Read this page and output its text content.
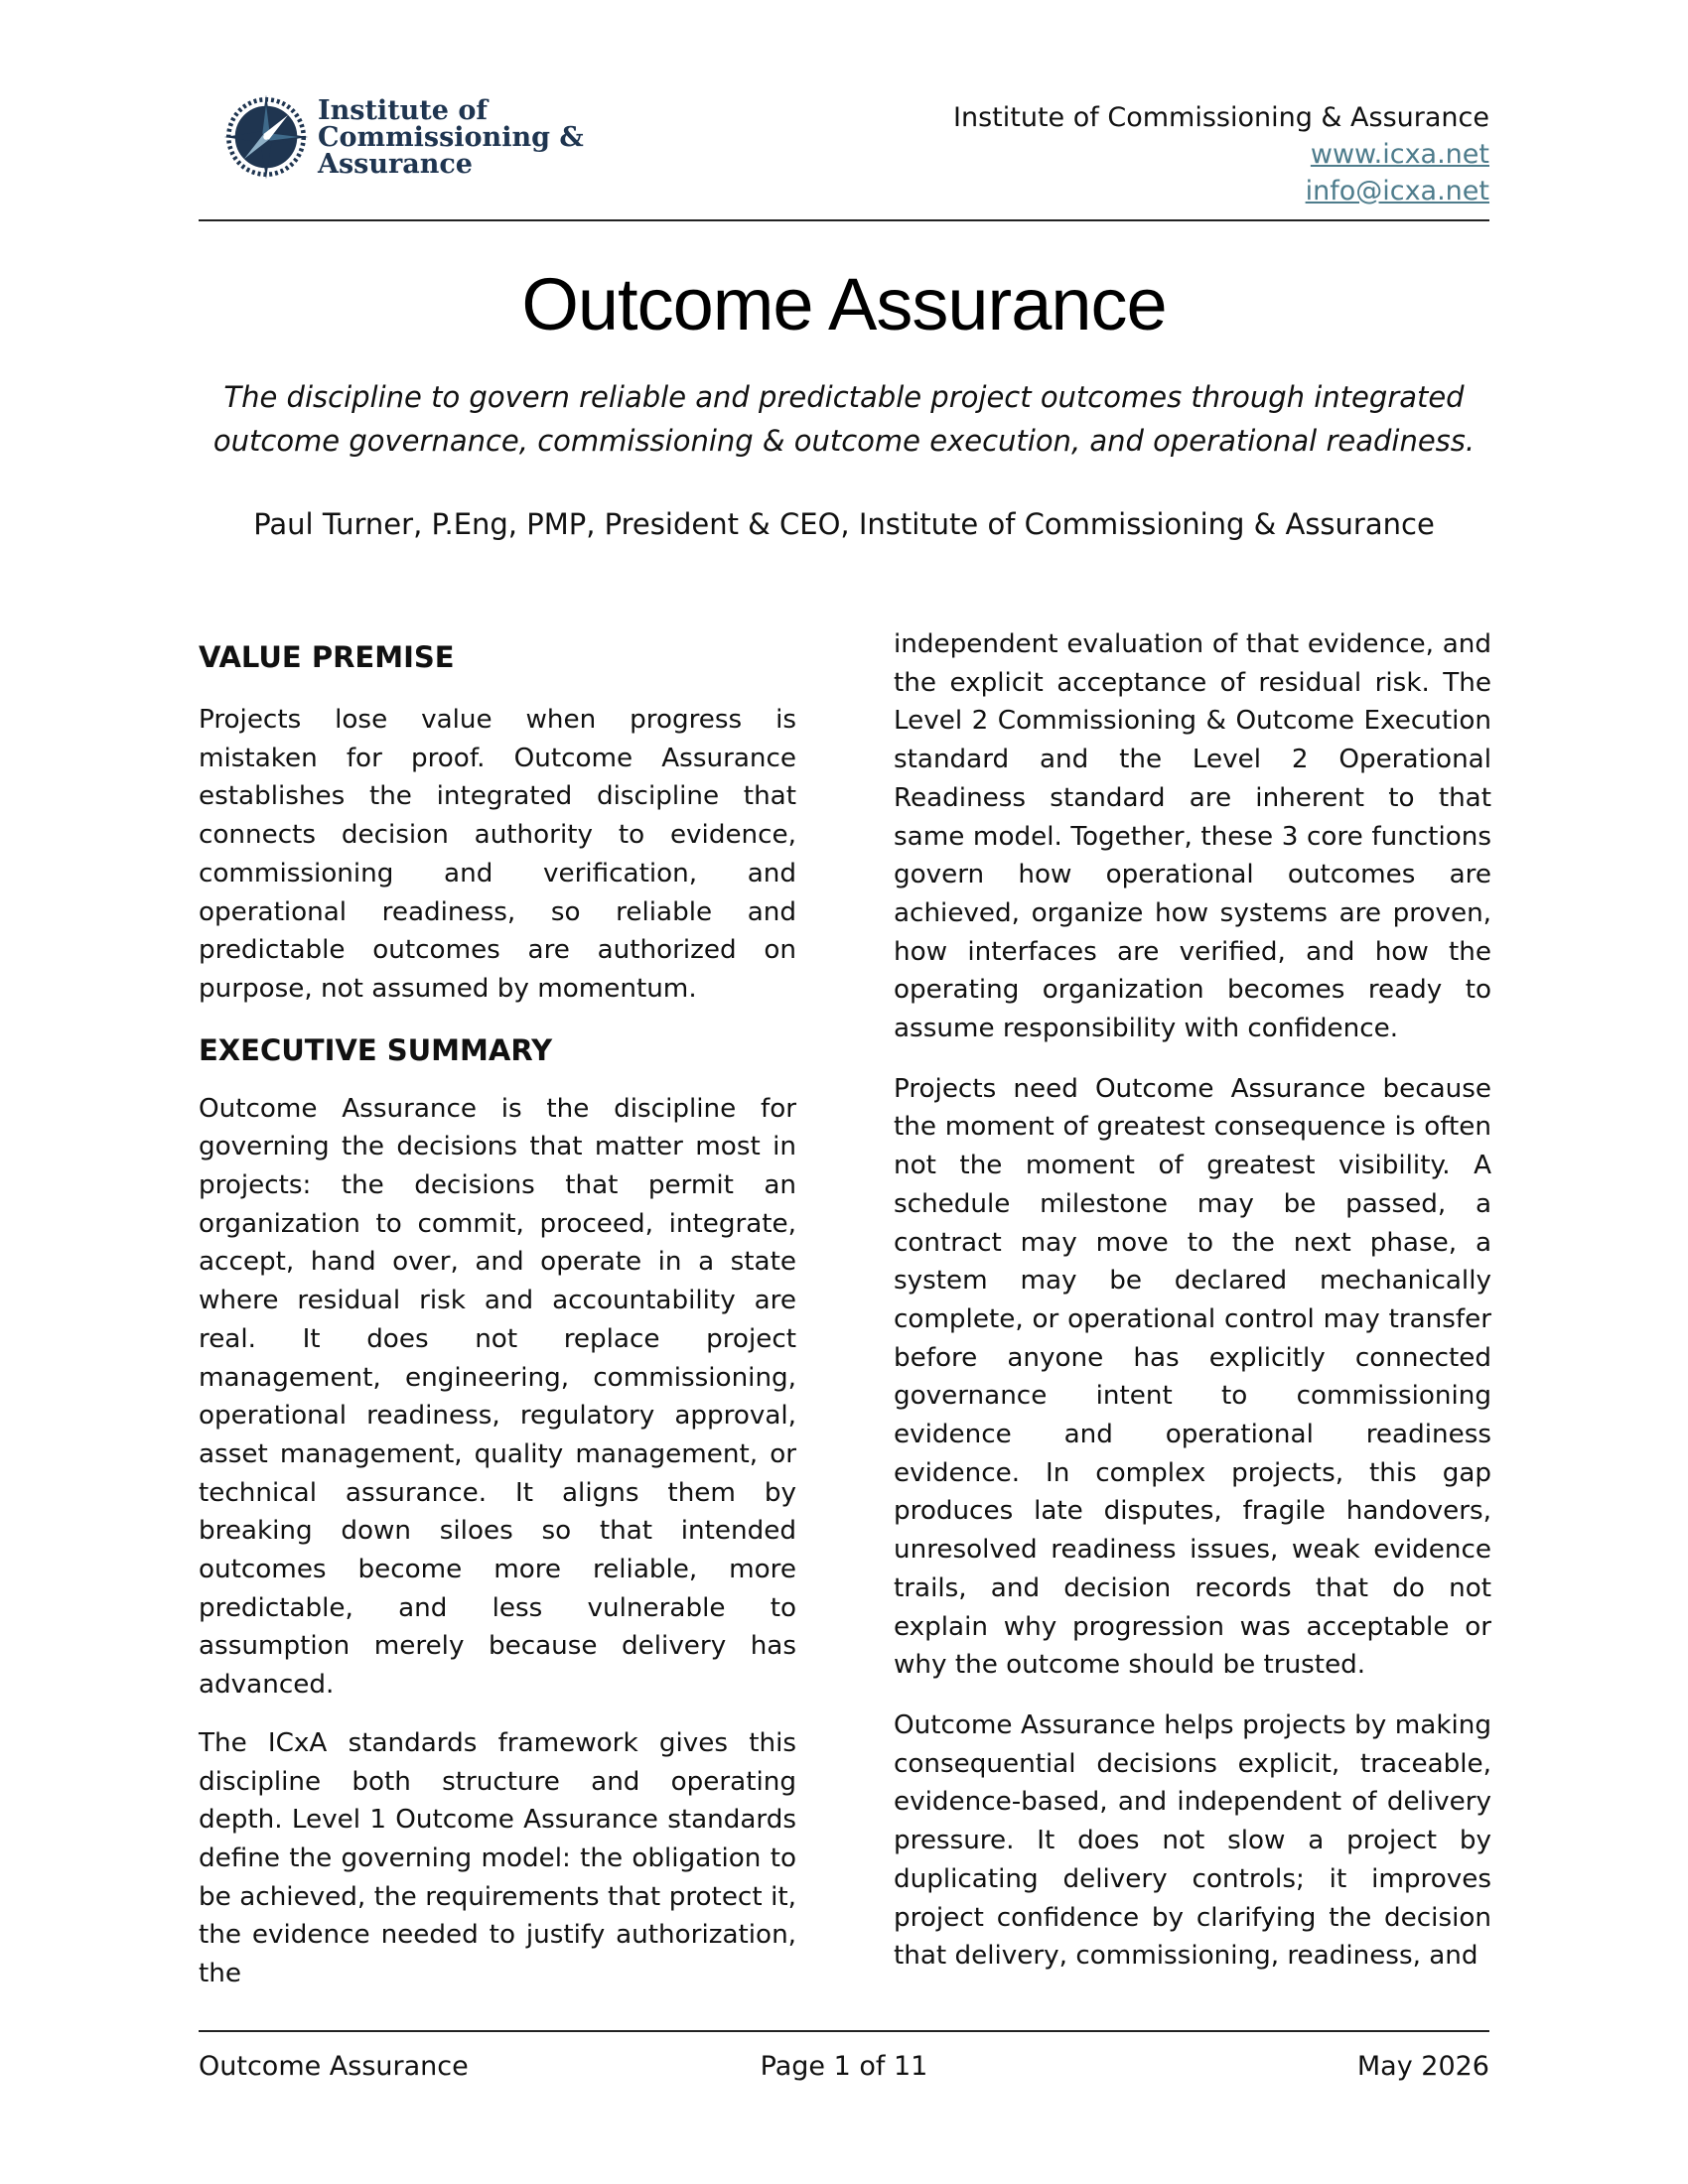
Institute of
Commissioning &
Assurance
Institute of Commissioning & Assurance
www.icxa.net
info@icxa.net
Outcome Assurance

The discipline to govern reliable and predictable project outcomes through integrated outcome governance, commissioning & outcome execution, and operational readiness.

Paul Turner, P.Eng, PMP, President & CEO, Institute of Commissioning & Assurance

VALUE PREMISE

Projects lose value when progress is mistaken for proof. Outcome Assurance establishes the integrated discipline that connects decision authority to evidence, commissioning and verification, and operational readiness, so reliable and predictable outcomes are authorized on purpose, not assumed by momentum.

EXECUTIVE SUMMARY

Outcome Assurance is the discipline for governing the decisions that matter most in projects: the decisions that permit an organization to commit, proceed, integrate, accept, hand over, and operate in a state where residual risk and accountability are real. It does not replace project management, engineering, commissioning, operational readiness, regulatory approval, asset management, quality management, or technical assurance. It aligns them by breaking down siloes so that intended outcomes become more reliable, more predictable, and less vulnerable to assumption merely because delivery has advanced.

The ICxA standards framework gives this discipline both structure and operating depth. Level 1 Outcome Assurance standards define the governing model: the obligation to be achieved, the requirements that protect it, the evidence needed to justify authorization, the

independent evaluation of that evidence, and the explicit acceptance of residual risk. The Level 2 Commissioning & Outcome Execution standard and the Level 2 Operational Readiness standard are inherent to that same model. Together, these 3 core functions govern how operational outcomes are achieved, organize how systems are proven, how interfaces are verified, and how the operating organization becomes ready to assume responsibility with confidence.

Projects need Outcome Assurance because the moment of greatest consequence is often not the moment of greatest visibility. A schedule milestone may be passed, a contract may move to the next phase, a system may be declared mechanically complete, or operational control may transfer before anyone has explicitly connected governance intent to commissioning evidence and operational readiness evidence. In complex projects, this gap produces late disputes, fragile handovers, unresolved readiness issues, weak evidence trails, and decision records that do not explain why progression was acceptable or why the outcome should be trusted.

Outcome Assurance helps projects by making consequential decisions explicit, traceable, evidence-based, and independent of delivery pressure. It does not slow a project by duplicating delivery controls; it improves project confidence by clarifying the decision that delivery, commissioning, readiness, and

Outcome Assurance	Page 1 of 11	May 2026
